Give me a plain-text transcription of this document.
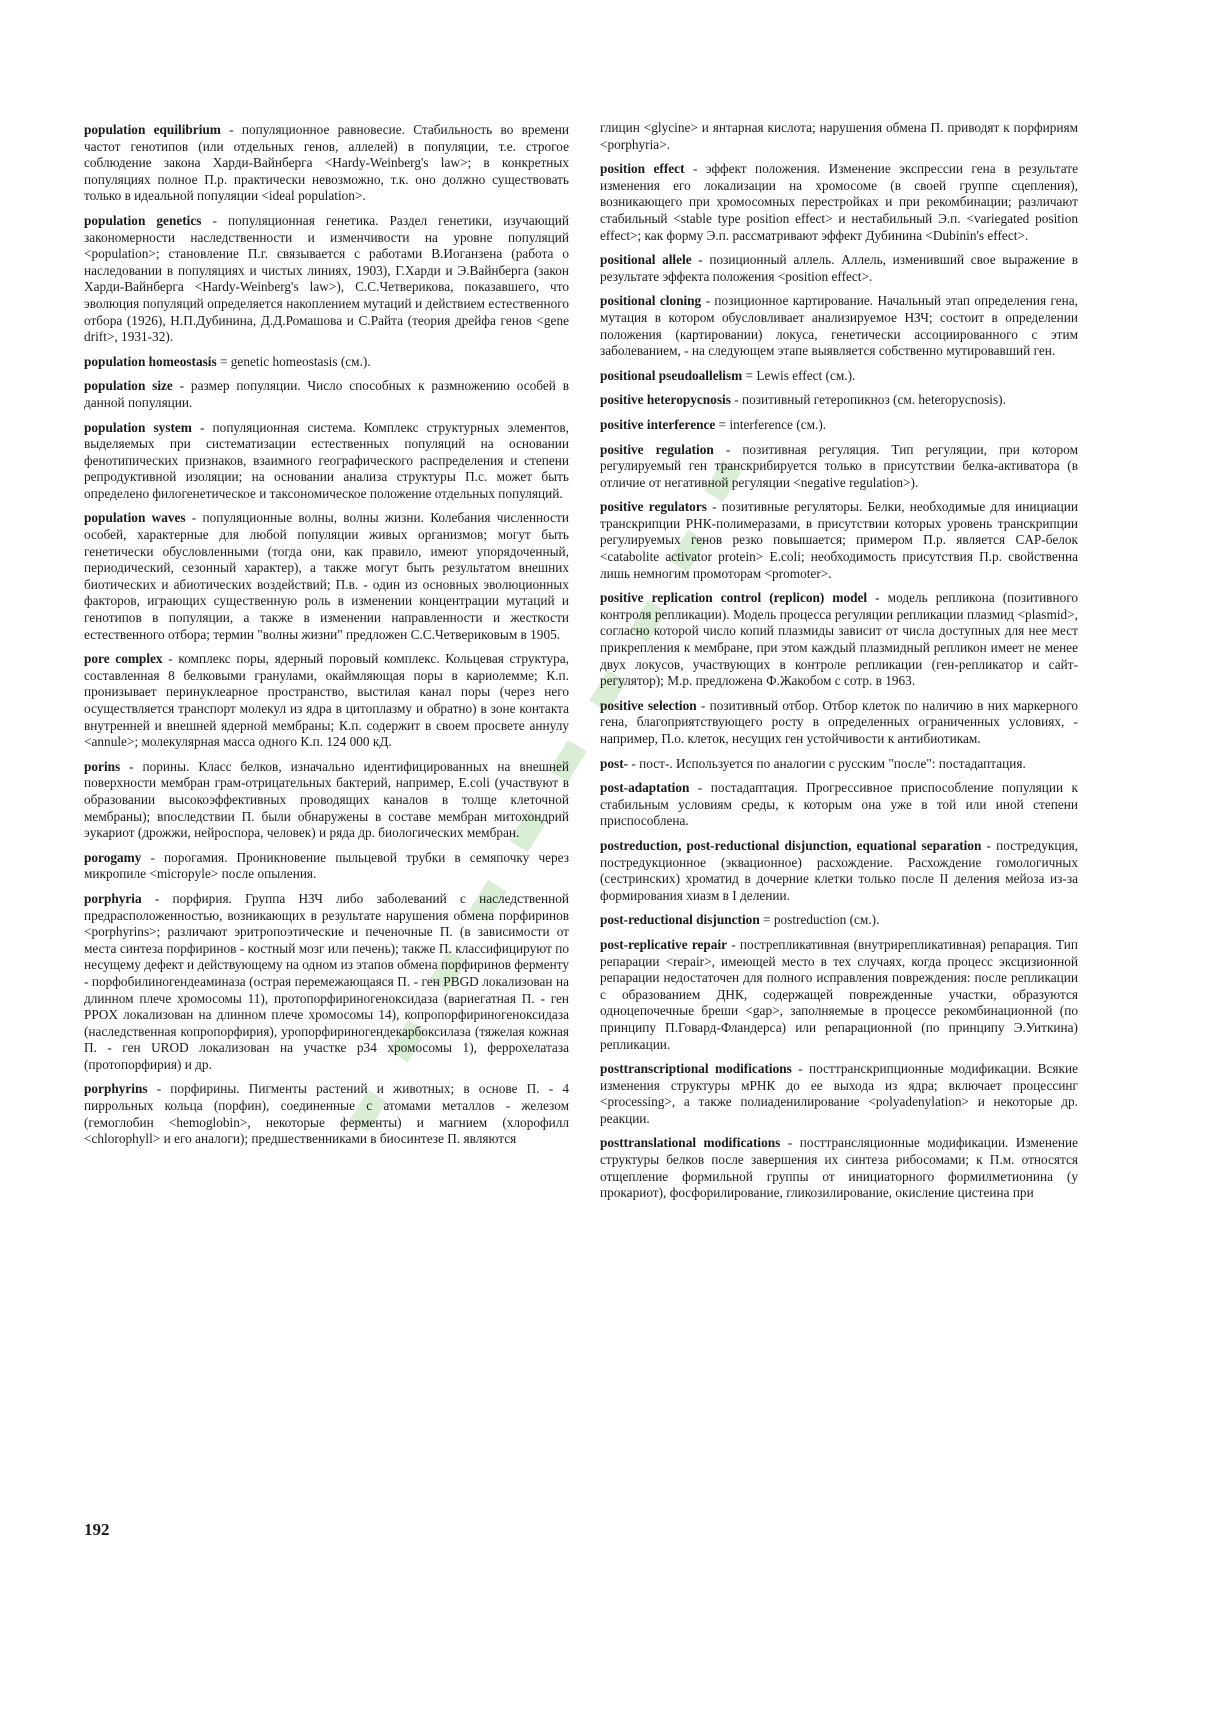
population equilibrium - популяционное равновесие. Стабильность во времени частот генотипов (или отдельных генов, аллелей) в популяции, т.е. строгое соблюдение закона Харди-Вайнберга <Hardy-Weinberg's law>; в конкретных популяциях полное П.р. практически невозможно, т.к. оно должно существовать только в идеальной популяции <ideal population>.

population genetics - популяционная генетика. Раздел генетики, изучающий закономерности наследственности и изменчивости на уровне популяций <population>; становление П.г. связывается с работами В.Иоганзена (работа о наследовании в популяциях и чистых линиях, 1903), Г.Харди и Э.Вайнберга (закон Харди-Вайнберга <Hardy-Weinberg's law>), С.С.Четверикова, показавшего, что эволюция популяций определяется накоплением мутаций и действием естественного отбора (1926), Н.П.Дубинина, Д.Д.Ромашова и С.Райта (теория дрейфа генов <gene drift>, 1931-32).

population homeostasis = genetic homeostasis (см.).

population size - размер популяции. Число способных к размножению особей в данной популяции.

population system - популяционная система. Комплекс структурных элементов, выделяемых при систематизации естественных популяций на основании фенотипических признаков, взаимного географического распределения и степени репродуктивной изоляции; на основании анализа структуры П.с. может быть определено филогенетическое и таксономическое положение отдельных популяций.

population waves - популяционные волны, волны жизни. Колебания численности особей, характерные для любой популяции живых организмов; могут быть генетически обусловленными (тогда они, как правило, имеют упорядоченный, периодический, сезонный характер), а также могут быть результатом внешних биотических и абиотических воздействий; П.в. - один из основных эволюционных факторов, играющих существенную роль в изменении концентрации мутаций и генотипов в популяции, а также в изменении направленности и жесткости естественного отбора; термин "волны жизни" предложен С.С.Четвериковым в 1905.

pore complex - комплекс поры, ядерный поровый комплекс. Кольцевая структура, составленная 8 белковыми гранулами, окаймляющая поры в кариолемме; К.п. пронизывает перинуклеарное пространство, выстилая канал поры (через него осуществляется транспорт молекул из ядра в цитоплазму и обратно) в зоне контакта внутренней и внешней ядерной мембраны; К.п. содержит в своем просвете аннулу <annule>; молекулярная масса одного К.п. 124 000 кД.

porins - порины. Класс белков, изначально идентифицированных на внешней поверхности мембран грам-отрицательных бактерий, например, E.coli (участвуют в образовании высокоэффективных проводящих каналов в толще клеточной мембраны); впоследствии П. были обнаружены в составе мембран митохондрий эукариот (дрожжи, нейроспора, человек) и ряда др. биологических мембран.

porogamy - порогамия. Проникновение пыльцевой трубки в семяпочку через микропиле <micropyle> после опыления.

porphyria - порфирия. Группа НЗЧ либо заболеваний с наследственной предрасположенностью, возникающих в результате нарушения обмена порфиринов <porphyrins>; различают эритропоэтические и печеночные П. (в зависимости от места синтеза порфиринов - костный мозг или печень); также П. классифицируют по несущему дефект и действующему на одном из этапов обмена порфиринов ферменту - порфобилиногендеаминаза (острая перемежающаяся П. - ген PBGD локализован на длинном плече хромосомы 11), протопорфириногеноксидаза (вариегатная П. - ген PPOX локализован на длинном плече хромосомы 14), копропорфириногеноксидаза (наследственная копропорфирия), уропорфириногендекарбоксилаза (тяжелая кожная П. - ген UROD локализован на участке p34 хромосомы 1), феррохелатаза (протопорфирия) и др.

porphyrins - порфирины. Пигменты растений и животных; в основе П. - 4 пиррольных кольца (порфин), соединенные с атомами металлов - железом (гемоглобин <hemoglobin>, некоторые ферменты) и магнием (хлорофилл <chlorophyll> и его аналоги); предшественниками в биосинтезе П. являются

глицин <glycine> и янтарная кислота; нарушения обмена П. приводят к порфириям <porphyria>.

position effect - эффект положения. Изменение экспрессии гена в результате изменения его локализации на хромосоме (в своей группе сцепления), возникающего при хромосомных перестройках и при рекомбинации; различают стабильный <stable type position effect> и нестабильный Э.п. <variegated position effect>; как форму Э.п. рассматривают эффект Дубинина <Dubinin's effect>.

positional allele - позиционный аллель. Аллель, изменивший свое выражение в результате эффекта положения <position effect>.

positional cloning - позиционное картирование. Начальный этап определения гена, мутация в котором обусловливает анализируемое НЗЧ; состоит в определении положения (картировании) локуса, генетически ассоциированного с этим заболеванием, - на следующем этапе выявляется собственно мутировавший ген.

positional pseudoallelism = Lewis effect (см.).

positive heteropycnosis - позитивный гетеропикноз (см. heteropycnosis).

positive interference = interference (см.).

positive regulation - позитивная регуляция. Тип регуляции, при котором регулируемый ген транскрибируется только в присутствии белка-активатора (в отличие от негативной регуляции <negative regulation>).

positive regulators - позитивные регуляторы. Белки, необходимые для инициации транскрипции РНК-полимеразами, в присутствии которых уровень транскрипции регулируемых генов резко повышается; примером П.р. является CAP-белок <catabolite activator protein> E.coli; необходимость присутствия П.р. свойственна лишь немногим промоторам <promoter>.

positive replication control (replicon) model - модель репликона (позитивного контроля репликации). Модель процесса регуляции репликации плазмид <plasmid>, согласно которой число копий плазмиды зависит от числа доступных для нее мест прикрепления к мембране, при этом каждый плазмидный репликон имеет не менее двух локусов, участвующих в контроле репликации (ген-репликатор и сайт-регулятор); М.р. предложена Ф.Жакобом с сотр. в 1963.

positive selection - позитивный отбор. Отбор клеток по наличию в них маркерного гена, благоприятствующего росту в определенных ограниченных условиях, - например, П.о. клеток, несущих ген устойчивости к антибиотикам.

post- - пост-. Используется по аналогии с русским "после": постадаптация.

post-adaptation - постадаптация. Прогрессивное приспособление популяции к стабильным условиям среды, к которым она уже в той или иной степени приспособлена.

postreduction, post-reductional disjunction, equational separation - постредукция, постредукционное (эквационное) расхождение. Расхождение гомологичных (сестринских) хроматид в дочерние клетки только после II деления мейоза из-за формирования хиазм в I делении.

post-reductional disjunction = postreduction (см.).

post-replicative repair - пострепликативная (внутрирепликативная) репарация. Тип репарации <repair>, имеющей место в тех случаях, когда процесс эксцизионной репарации недостаточен для полного исправления повреждения: после репликации с образованием ДНК, содержащей поврежденные участки, образуются одноцепочечные бреши <gap>, заполняемые в процессе рекомбинационной (по принципу П.Говард-Фландерса) или репарационной (по принципу Э.Уиткина) репликации.

posttranscriptional modifications - посттранскрипционные модификации. Всякие изменения структуры мРНК до ее выхода из ядра; включает процессинг <processing>, а также полиаденилирование <polyadenylation> и некоторые др. реакции.

posttranslational modifications - посттрансляционные модификации. Изменение структуры белков после завершения их синтеза рибосомами; к П.м. относятся отщепление формильной группы от инициаторного формилметионина (у прокариот), фосфорилирование, гликозилирование, окисление цистеина при

192
